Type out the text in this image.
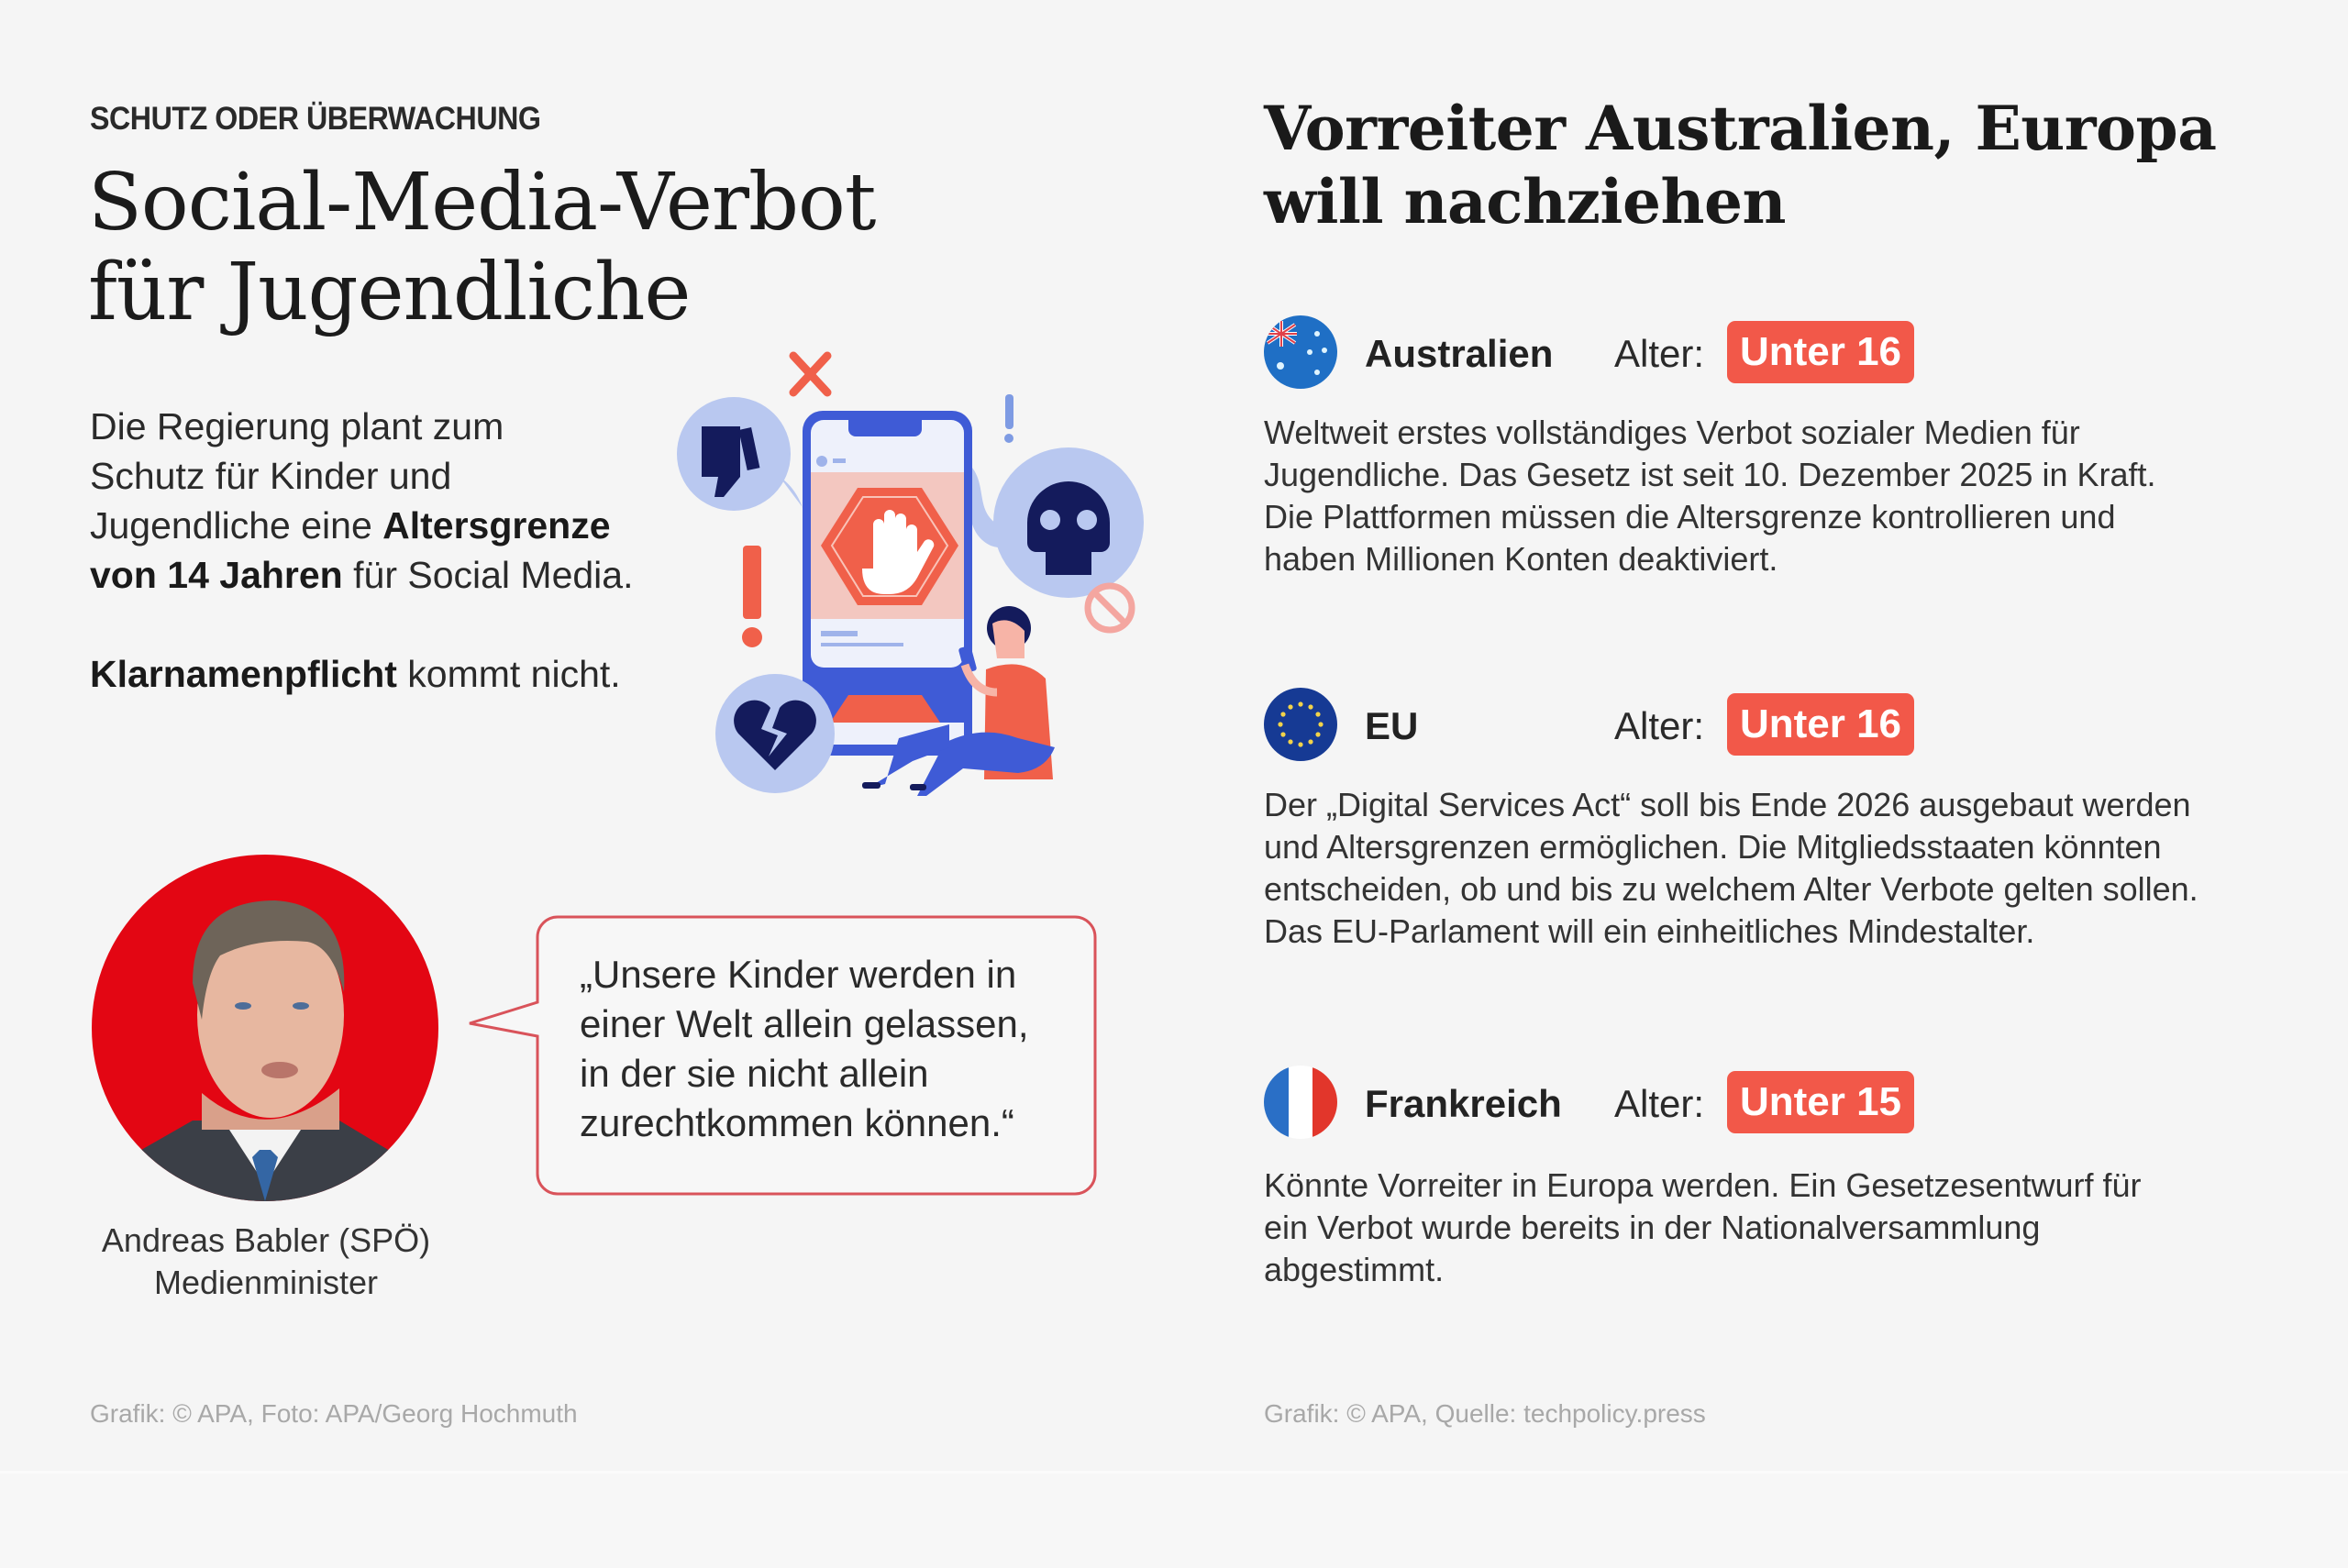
SCHUTZ ODER ÜBERWACHUNG
Social-Media-Verbot
für Jugendliche
Die Regierung plant zum
Schutz für Kinder und
Jugendliche eine Altersgrenze
von 14 Jahren für Social Media.
Klarnamenpflicht kommt nicht.
Andreas Babler (SPÖ)
Medienminister
„Unsere Kinder werden in
einer Welt allein gelassen,
in der sie nicht allein
zurechtkommen können.“
Grafik: © APA, Foto: APA/Georg Hochmuth
Vorreiter Australien, Europa
will nachziehen
Australien Alter: Unter 16
Weltweit erstes vollständiges Verbot sozialer Medien für
Jugendliche. Das Gesetz ist seit 10. Dezember 2025 in Kraft.
Die Plattformen müssen die Altersgrenze kontrollieren und
haben Millionen Konten deaktiviert.
EU	Alter: Unter 16
Der „Digital Services Act“ soll bis Ende 2026 ausgebaut werden
und Altersgrenzen ermöglichen. Die Mitgliedsstaaten könnten
entscheiden, ob und bis zu welchem Alter Verbote gelten sollen.
Das EU-Parlament will ein einheitliches Mindestalter.
Frankreich Alter: Unter 15
Könnte Vorreiter in Europa werden. Ein Gesetzesentwurf für
ein Verbot wurde bereits in der Nationalversammlung
abgestimmt.
Grafik: © APA, Quelle: techpolicy.press
